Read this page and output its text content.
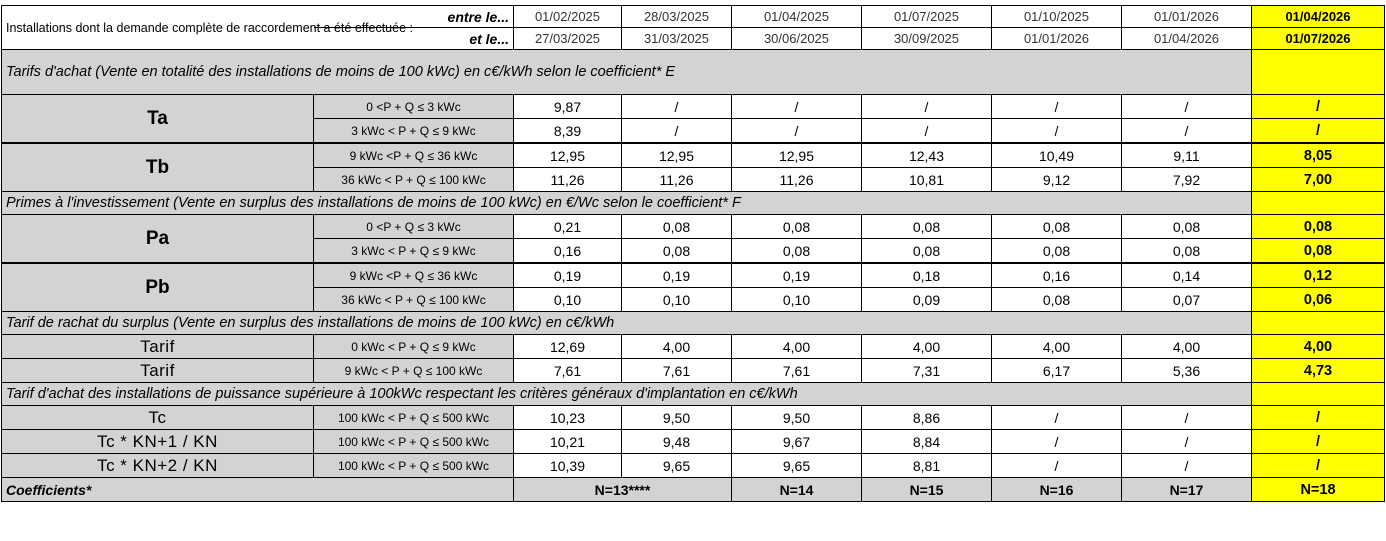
Installations dont la demande complète de raccordement a été effectuée :	entre le...	01/02/2025	28/03/2025	01/04/2025	01/07/2025	01/10/2025	01/01/2026	01/04/2026
	et le...	27/03/2025	31/03/2025	30/06/2025	30/09/2025	01/01/2026	01/04/2026	01/07/2026
Tarifs d'achat (Vente en totalité des installations de moins de 100 kWc) en c€/kWh selon le coefficient* E								
Ta	0 <P + Q ≤ 3 kWc	9,87	/	/	/	/	/	/
	3 kWc < P + Q ≤ 9 kWc	8,39	/	/	/	/	/	/
Tb	9 kWc <P + Q ≤ 36 kWc	12,95	12,95	12,95	12,43	10,49	9,11	8,05
	36 kWc < P + Q ≤ 100 kWc	11,26	11,26	11,26	10,81	9,12	7,92	7,00
Primes à l'investissement (Vente en surplus des installations de moins de 100 kWc) en €/Wc selon le coefficient* F								
Pa	0 <P + Q ≤ 3 kWc	0,21	0,08	0,08	0,08	0,08	0,08	0,08
	3 kWc < P + Q ≤ 9 kWc	0,16	0,08	0,08	0,08	0,08	0,08	0,08
Pb	9 kWc <P + Q ≤ 36 kWc	0,19	0,19	0,19	0,18	0,16	0,14	0,12
	36 kWc < P + Q ≤ 100 kWc	0,10	0,10	0,10	0,09	0,08	0,07	0,06
Tarif de rachat du surplus (Vente en surplus des installations de moins de 100 kWc) en c€/kWh								
Tarif	0 kWc < P + Q ≤ 9 kWc	12,69	4,00	4,00	4,00	4,00	4,00	4,00
Tarif	9 kWc < P + Q ≤ 100 kWc	7,61	7,61	7,61	7,31	6,17	5,36	4,73
Tarif d'achat des installations de puissance supérieure à 100kWc respectant les critères généraux d'implantation en c€/kWh								
Tc	100 kWc < P + Q ≤ 500 kWc	10,23	9,50	9,50	8,86	/	/	/
Tc * KN+1 / KN	100 kWc < P + Q ≤ 500 kWc	10,21	9,48	9,67	8,84	/	/	/
Tc * KN+2 / KN	100 kWc < P + Q ≤ 500 kWc	10,39	9,65	9,65	8,81	/	/	/
Coefficients*		N=13****		N=14	N=15	N=16	N=17	N=18
